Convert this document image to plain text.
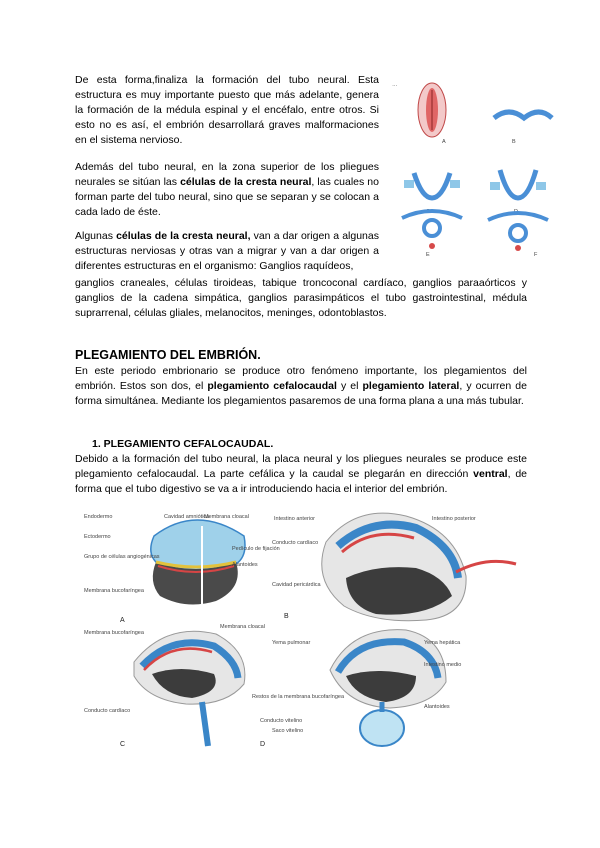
De esta forma,finaliza la formación del tubo neural. Esta estructura es muy importante puesto que más adelante, genera la formación de la médula espinal y el encéfalo, entre otros. Si esto no es así, el embrión desarrollará graves malformaciones en el sistema nervioso.

Además del tubo neural, en la zona superior de los pliegues neurales se sitúan las células de la cresta neural, las cuales no forman parte del tubo neural, sino que se separan y se colocan a cada lado de éste.

Algunas células de la cresta neural, van a dar origen a algunas estructuras nerviosas y otras van a migrar y van a dar origen a diferentes estructuras en el organismo: Ganglios raquídeos,

ganglios craneales, células tiroideas, tabique troncoconal cardíaco, ganglios paraaórticos y ganglios de la cadena simpática, ganglios parasimpáticos el tubo gastrointestinal, médula suprarrenal, células gliales, melanocitos, meninges, odontoblastos.

…
A	B
C	D
E	F
PLEGAMIENTO DEL EMBRIÓN.

En este periodo embrionario se produce otro fenómeno importante, los plegamientos del embrión. Estos son dos, el plegamiento cefalocaudal y el plegamiento lateral, y ocurren de forma simultánea. Mediante los plegamientos pasaremos de una forma plana a una más tubular.

1. PLEGAMIENTO CEFALOCAUDAL.

Debido a la formación del tubo neural, la placa neural y los pliegues neurales se produce este plegamiento cefalocaudal. La parte cefálica y la caudal se plegarán en dirección ventral, de forma que el tubo digestivo se va a ir introduciendo hacia el interior del embrión.

Endodermo
Ectodermo
Grupo de células angiogénicas
Membrana bucofaríngea
Cavidad amniótica
Membrana cloacal
Pedículo de fijación
Alantoides
A
Intestino anterior
Conducto cardíaco
Cavidad pericárdica
Intestino posterior
B
Membrana bucofaríngea
Membrana cloacal
Conducto cardíaco
C
Yema pulmonar	Yema hepática
Intestino medio
Restos de la membrana bucofaríngea
Conducto vitelino
Saco vitelino
Alantoides
D
